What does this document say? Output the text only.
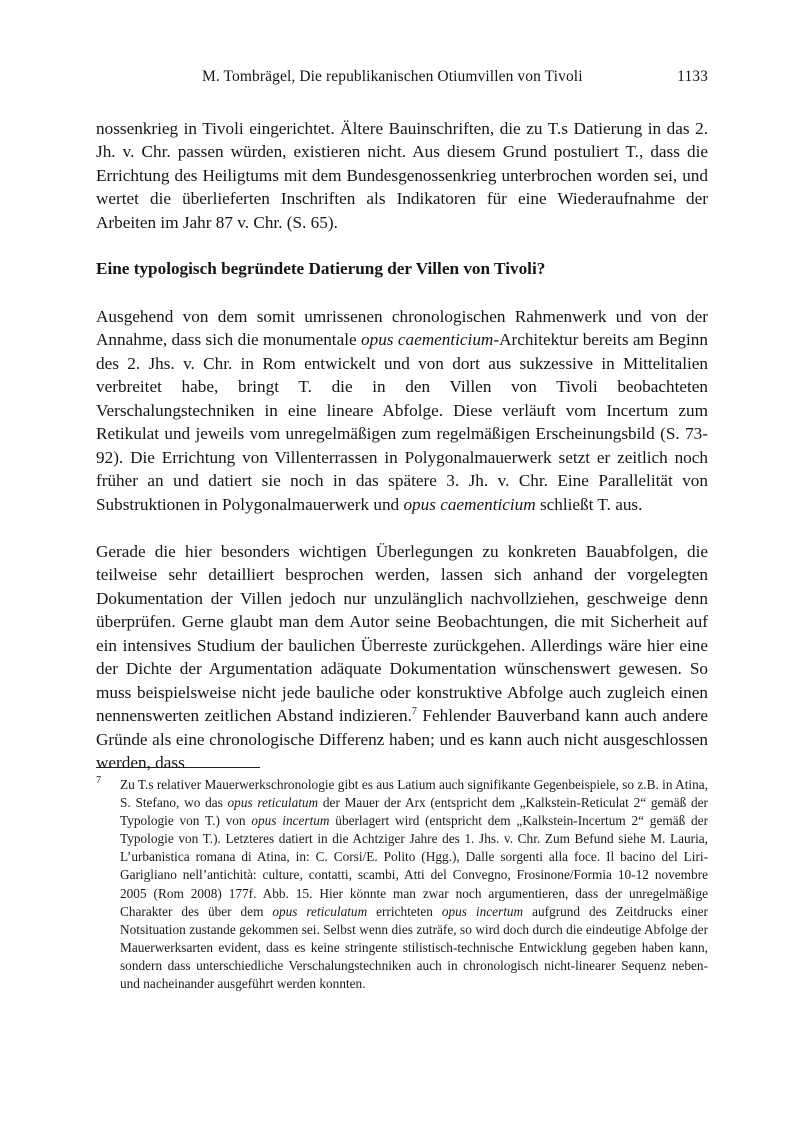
M. Tombrägel, Die republikanischen Otiumvillen von Tivoli	1133

nossenkrieg in Tivoli eingerichtet. Ältere Bauinschriften, die zu T.s Datierung in das 2. Jh. v. Chr. passen würden, existieren nicht. Aus diesem Grund postuliert T., dass die Errichtung des Heiligtums mit dem Bundesgenossenkrieg unterbrochen worden sei, und wertet die überlieferten Inschriften als Indikatoren für eine Wiederaufnahme der Arbeiten im Jahr 87 v. Chr. (S. 65).

Eine typologisch begründete Datierung der Villen von Tivoli?

Ausgehend von dem somit umrissenen chronologischen Rahmenwerk und von der Annahme, dass sich die monumentale opus caementicium-Architektur bereits am Beginn des 2. Jhs. v. Chr. in Rom entwickelt und von dort aus sukzessive in Mittelitalien verbreitet habe, bringt T. die in den Villen von Tivoli beobachteten Verschalungstechniken in eine lineare Abfolge. Diese verläuft vom Incertum zum Retikulat und jeweils vom unregelmäßigen zum regelmäßigen Erscheinungsbild (S. 73-92). Die Errichtung von Villenterrassen in Polygonalmauerwerk setzt er zeitlich noch früher an und datiert sie noch in das spätere 3. Jh. v. Chr. Eine Parallelität von Substruktionen in Polygonalmauerwerk und opus caementicium schließt T. aus.

Gerade die hier besonders wichtigen Überlegungen zu konkreten Bauabfolgen, die teilweise sehr detailliert besprochen werden, lassen sich anhand der vorgelegten Dokumentation der Villen jedoch nur unzulänglich nachvollziehen, geschweige denn überprüfen. Gerne glaubt man dem Autor seine Beobachtungen, die mit Sicherheit auf ein intensives Studium der baulichen Überreste zurückgehen. Allerdings wäre hier eine der Dichte der Argumentation adäquate Dokumentation wünschenswert gewesen. So muss beispielsweise nicht jede bauliche oder konstruktive Abfolge auch zugleich einen nennenswerten zeitlichen Abstand indizieren.$^7$ Fehlender Bauverband kann auch andere Gründe als eine chronologische Differenz haben; und es kann auch nicht ausgeschlossen werden, dass

7 Zu T.s relativer Mauerwerkschronologie gibt es aus Latium auch signifikante Gegenbeispiele, so z.B. in Atina, S. Stefano, wo das opus reticulatum der Mauer der Arx (entspricht dem „Kalkstein-Reticulat 2“ gemäß der Typologie von T.) von opus incertum überlagert wird (entspricht dem „Kalkstein-Incertum 2“ gemäß der Typologie von T.). Letzteres datiert in die Achtziger Jahre des 1. Jhs. v. Chr. Zum Befund siehe M. Lauria, L’urbanistica romana di Atina, in: C. Corsi/E. Polito (Hgg.), Dalle sorgenti alla foce. Il bacino del Liri-Garigliano nell’antichità: culture, contatti, scambi, Atti del Convegno, Frosinone/Formia 10-12 novembre 2005 (Rom 2008) 177f. Abb. 15. Hier könnte man zwar noch argumentieren, dass der unregelmäßige Charakter des über dem opus reticulatum errichteten opus incertum aufgrund des Zeitdrucks einer Notsituation zustande gekommen sei. Selbst wenn dies zuträfe, so wird doch durch die eindeutige Abfolge der Mauerwerksarten evident, dass es keine stringente stilistisch-technische Entwicklung gegeben haben kann, sondern dass unterschiedliche Verschalungstechniken auch in chronologisch nicht-linearer Sequenz neben- und nacheinander ausgeführt werden konnten.
